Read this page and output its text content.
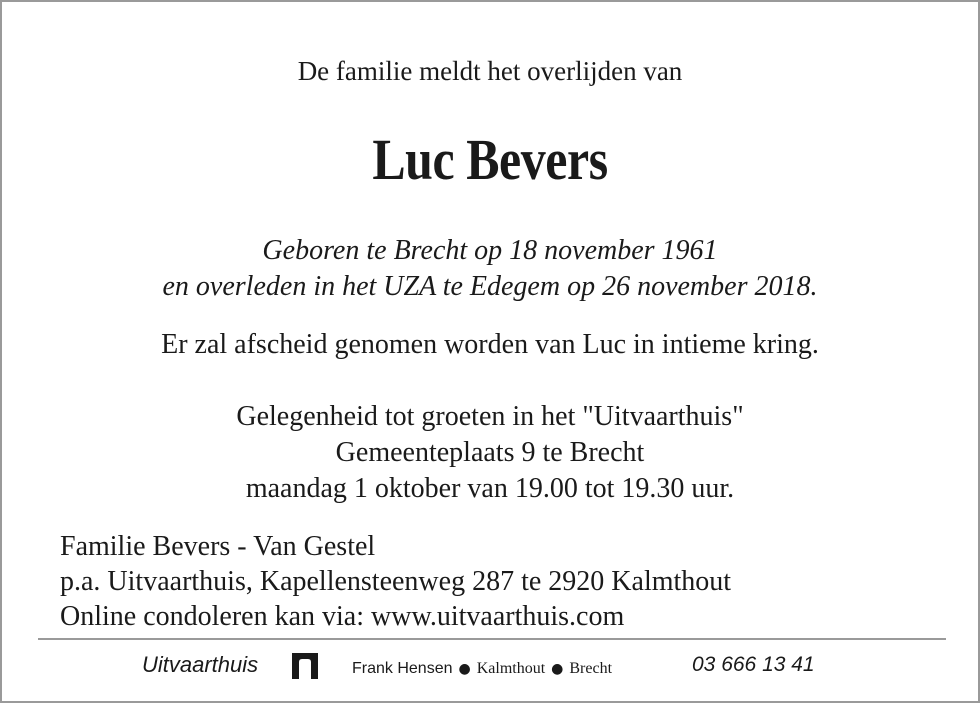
De familie meldt het overlijden van
Luc Bevers
Geboren te Brecht op 18 november 1961
en overleden in het UZA te Edegem op 26 november 2018.
Er zal afscheid genomen worden van Luc in intieme kring.
Gelegenheid tot groeten in het "Uitvaarthuis"
Gemeenteplaats 9 te Brecht
maandag 1 oktober van 19.00 tot 19.30 uur.
Familie Bevers - Van Gestel
p.a. Uitvaarthuis, Kapellensteenweg 287 te 2920 Kalmthout
Online condoleren kan via: www.uitvaarthuis.com
Uitvaarthuis	Frank Hensen ● Kalmthout ● Brecht	03 666 13 41
